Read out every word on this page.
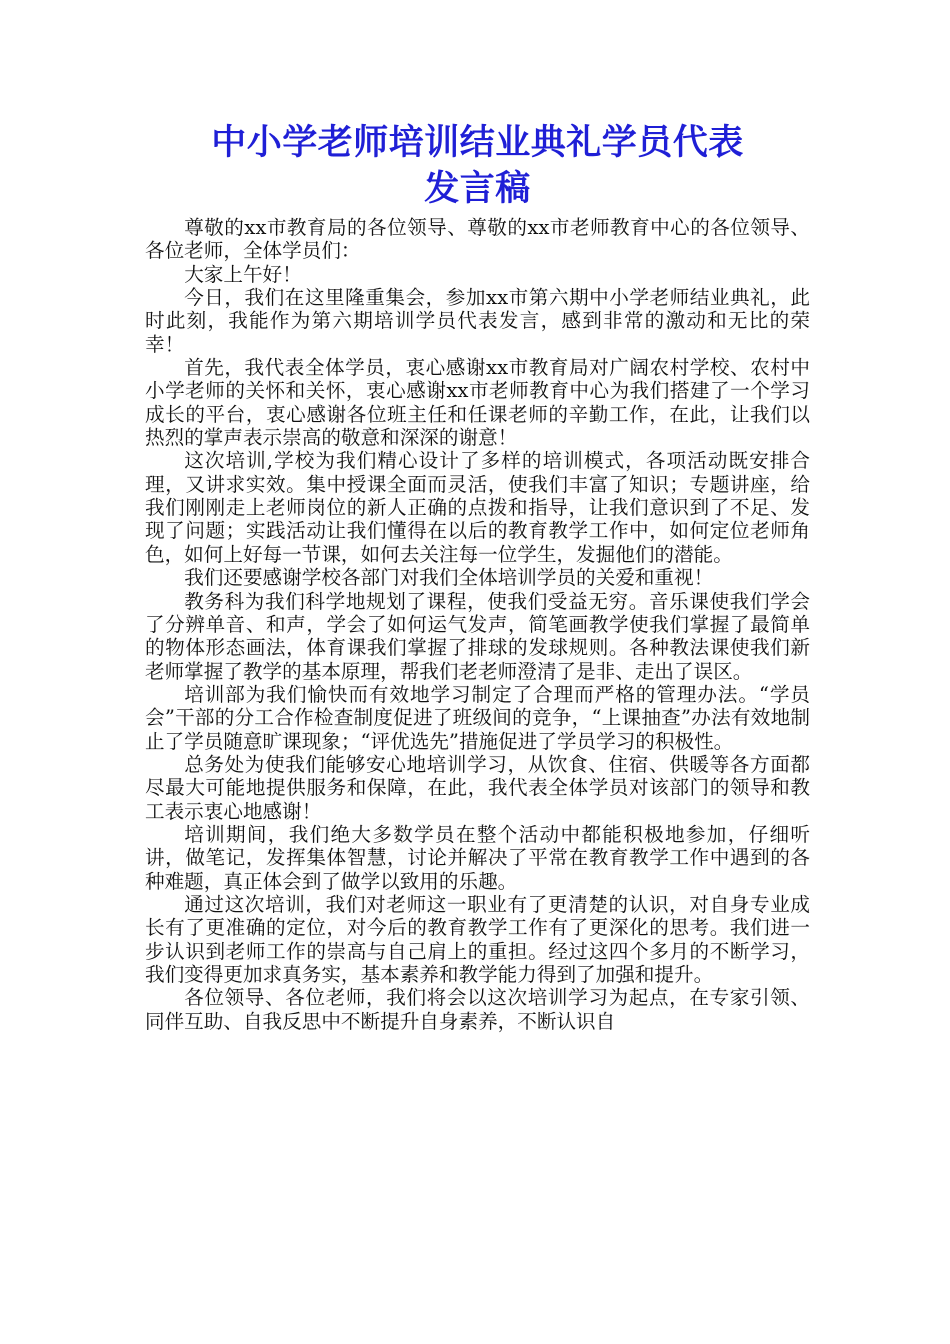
中小学老师培训结业典礼学员代表
发言稿

尊敬的xx市教育局的各位领导、尊敬的xx市老师教育中心的各位领导、各位老师，全体学员们：

大家上午好！

今日，我们在这里隆重集会，参加xx市第六期中小学老师结业典礼，此时此刻，我能作为第六期培训学员代表发言，感到非常的激动和无比的荣幸！

首先，我代表全体学员，衷心感谢xx市教育局对广阔农村学校、农村中小学老师的关怀和关怀，衷心感谢xx市老师教育中心为我们搭建了一个学习成长的平台，衷心感谢各位班主任和任课老师的辛勤工作，在此，让我们以热烈的掌声表示崇高的敬意和深深的谢意！

这次培训,学校为我们精心设计了多样的培训模式，各项活动既安排合理，又讲求实效。集中授课全面而灵活，使我们丰富了知识；专题讲座，给我们刚刚走上老师岗位的新人正确的点拨和指导，让我们意识到了不足、发现了问题；实践活动让我们懂得在以后的教育教学工作中，如何定位老师角色，如何上好每一节课，如何去关注每一位学生，发掘他们的潜能。

我们还要感谢学校各部门对我们全体培训学员的关爱和重视！

教务科为我们科学地规划了课程，使我们受益无穷。音乐课使我们学会了分辨单音、和声，学会了如何运气发声，简笔画教学使我们掌握了最简单的物体形态画法，体育课我们掌握了排球的发球规则。各种教法课使我们新老师掌握了教学的基本原理，帮我们老老师澄清了是非、走出了误区。

培训部为我们愉快而有效地学习制定了合理而严格的管理办法。“学员会”干部的分工合作检查制度促进了班级间的竞争，“上课抽查”办法有效地制止了学员随意旷课现象；“评优选先”措施促进了学员学习的积极性。

总务处为使我们能够安心地培训学习，从饮食、住宿、供暖等各方面都尽最大可能地提供服务和保障，在此，我代表全体学员对该部门的领导和教工表示衷心地感谢！

培训期间，我们绝大多数学员在整个活动中都能积极地参加，仔细听讲，做笔记，发挥集体智慧，讨论并解决了平常在教育教学工作中遇到的各种难题，真正体会到了做学以致用的乐趣。

通过这次培训，我们对老师这一职业有了更清楚的认识，对自身专业成长有了更准确的定位，对今后的教育教学工作有了更深化的思考。我们进一步认识到老师工作的崇高与自己肩上的重担。经过这四个多月的不断学习，我们变得更加求真务实，基本素养和教学能力得到了加强和提升。

各位领导、各位老师，我们将会以这次培训学习为起点，在专家引领、同伴互助、自我反思中不断提升自身素养，不断认识自
